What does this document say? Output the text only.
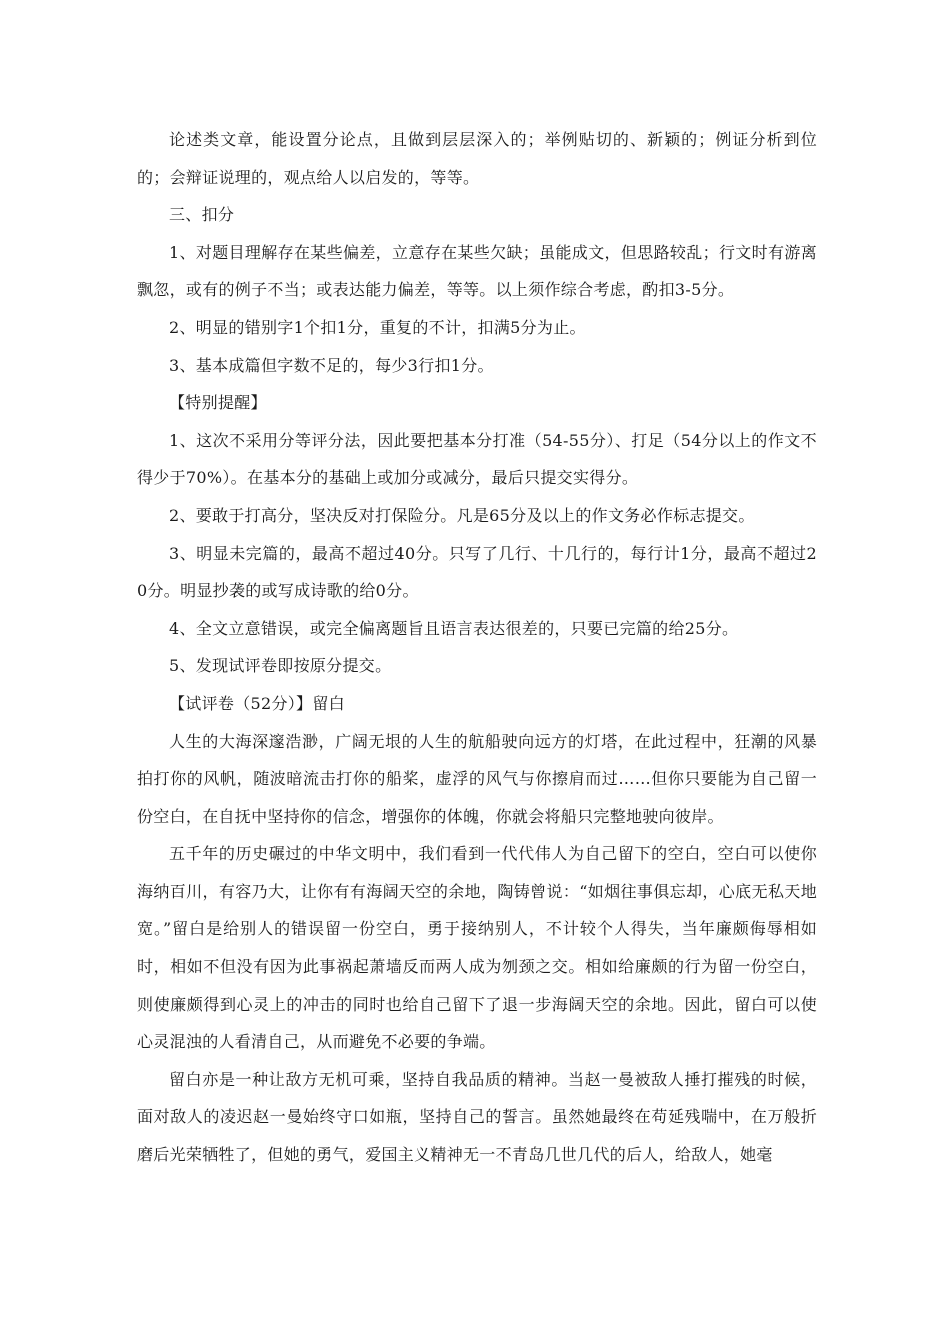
论述类文章，能设置分论点，且做到层层深入的；举例贴切的、新颖的；例证分析到位的；会辩证说理的，观点给人以启发的，等等。

三、扣分

1、对题目理解存在某些偏差，立意存在某些欠缺；虽能成文，但思路较乱；行文时有游离飘忽，或有的例子不当；或表达能力偏差，等等。以上须作综合考虑，酌扣3-5分。

2、明显的错别字1个扣1分，重复的不计，扣满5分为止。

3、基本成篇但字数不足的，每少3行扣1分。

【特别提醒】

1、这次不采用分等评分法，因此要把基本分打准（54-55分）、打足（54分以上的作文不得少于70%）。在基本分的基础上或加分或减分，最后只提交实得分。

2、要敢于打高分，坚决反对打保险分。凡是65分及以上的作文务必作标志提交。

3、明显未完篇的，最高不超过40分。只写了几行、十几行的，每行计1分，最高不超过20分。明显抄袭的或写成诗歌的给0分。

4、全文立意错误，或完全偏离题旨且语言表达很差的，只要已完篇的给25分。

5、发现试评卷即按原分提交。

【试评卷（52分）】留白

人生的大海深邃浩渺，广阔无垠的人生的航船驶向远方的灯塔，在此过程中，狂潮的风暴拍打你的风帆，随波暗流击打你的船桨，虚浮的风气与你擦肩而过……但你只要能为自己留一份空白，在自抚中坚持你的信念，增强你的体魄，你就会将船只完整地驶向彼岸。

五千年的历史碾过的中华文明中，我们看到一代代伟人为自己留下的空白，空白可以使你海纳百川，有容乃大，让你有有海阔天空的余地，陶铸曾说：“如烟往事俱忘却，心底无私天地宽。”留白是给别人的错误留一份空白，勇于接纳别人，不计较个人得失，当年廉颇侮辱相如时，相如不但没有因为此事祸起萧墙反而两人成为刎颈之交。相如给廉颇的行为留一份空白，则使廉颇得到心灵上的冲击的同时也给自己留下了退一步海阔天空的余地。因此，留白可以使心灵混浊的人看清自己，从而避免不必要的争端。

留白亦是一种让敌方无机可乘，坚持自我品质的精神。当赵一曼被敌人捶打摧残的时候，面对敌人的凌迟赵一曼始终守口如瓶，坚持自己的誓言。虽然她最终在苟延残喘中，在万般折磨后光荣牺牲了，但她的勇气，爱国主义精神无一不青岛几世几代的后人，给敌人，她毫
